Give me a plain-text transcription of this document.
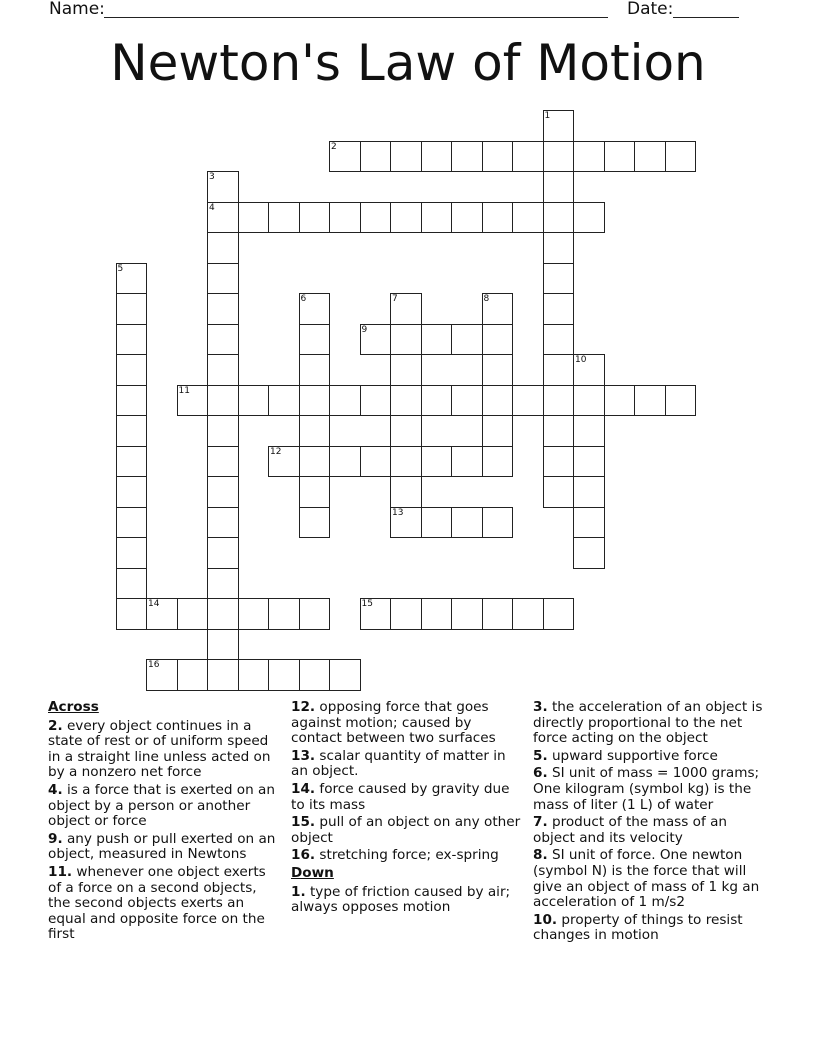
Name:	Date:
Newton's Law of Motion
1
2
3
4
5
6	7
13
8
9
10
11
12
14	15
16
Across
2. every object continues in a state of rest or of uniform speed in a straight line unless acted on by a nonzero net force
4. is a force that is exerted on an object by a person or another object or force
9. any push or pull exerted on an object, measured in Newtons
11. whenever one object exerts of a force on a second objects, the second objects exerts an equal and opposite force on the first
12. opposing force that goes against motion; caused by contact between two surfaces
13. scalar quantity of matter in an object.
14. force caused by gravity due to its mass
15. pull of an object on any other object
16. stretching force; ex-spring
Down
1. type of friction caused by air; always opposes motion
3. the acceleration of an object is directly proportional to the net force acting on the object
5. upward supportive force
6. SI unit of mass = 1000 grams; One kilogram (symbol kg) is the mass of liter (1 L) of water
7. product of the mass of an object and its velocity
8. SI unit of force. One newton (symbol N) is the force that will give an object of mass of 1 kg an acceleration of 1 m/s2
10. property of things to resist changes in motion
